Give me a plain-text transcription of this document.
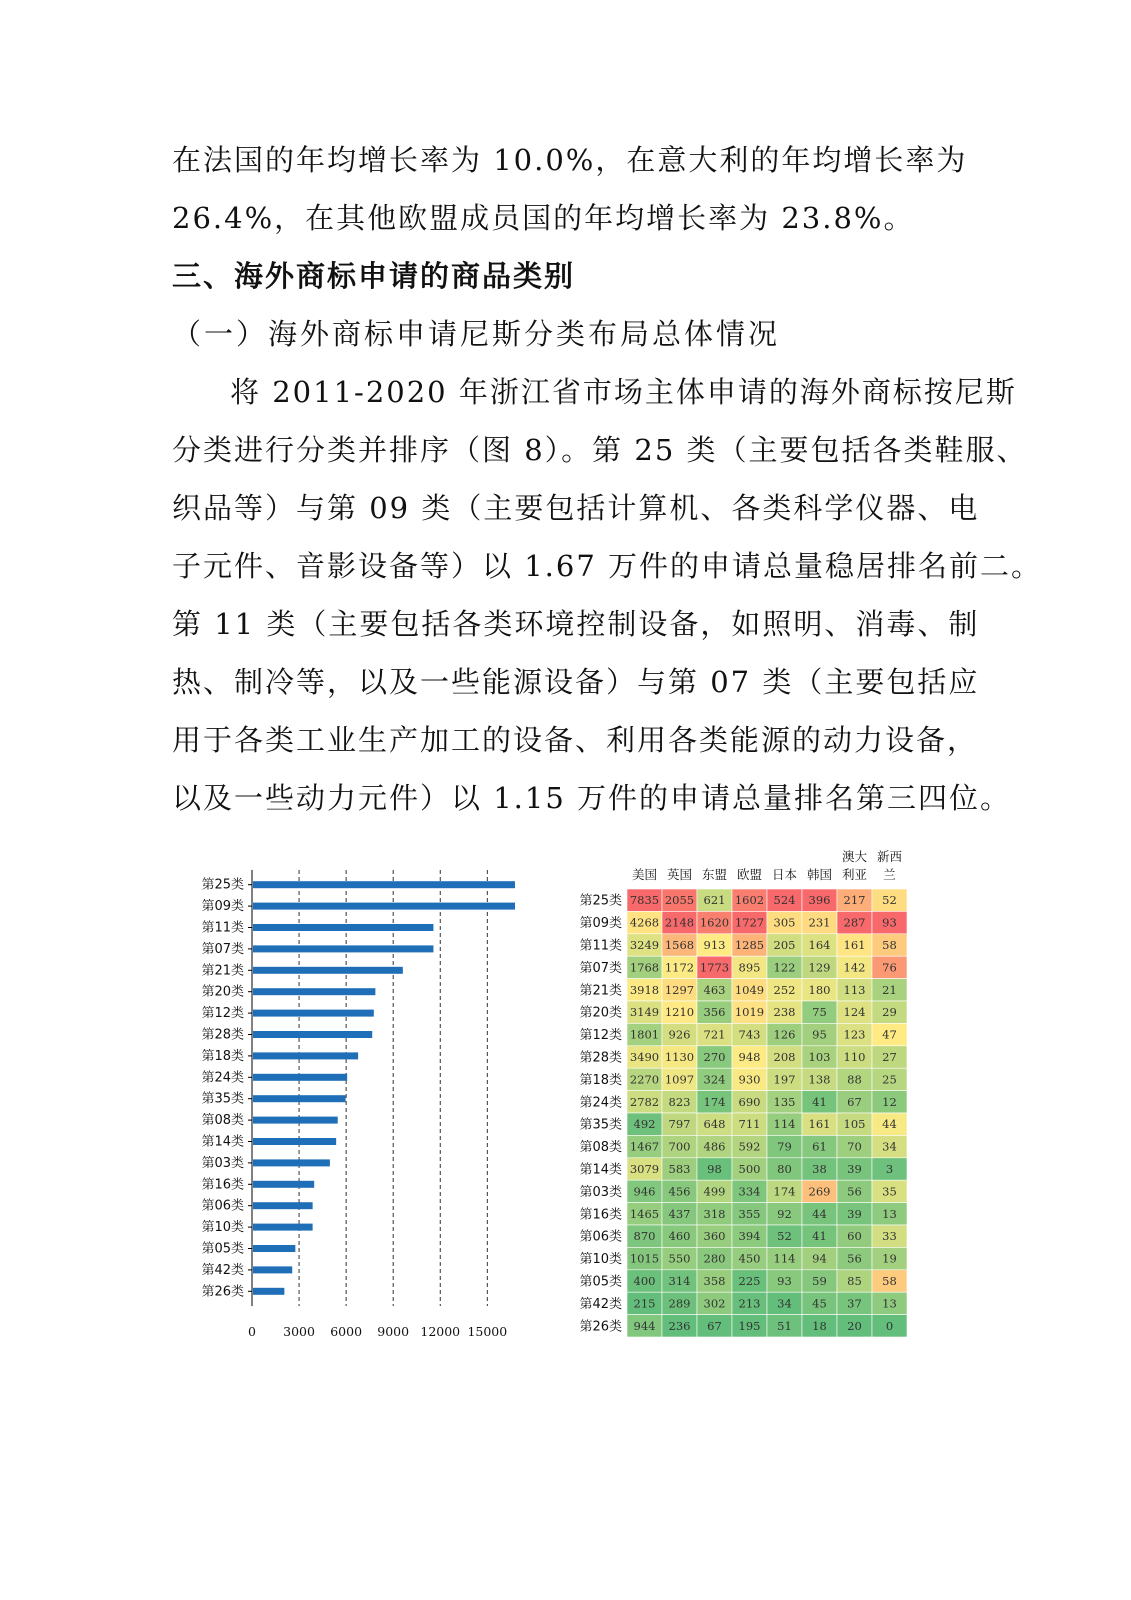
在法国的年均增长率为 10.0%，在意大利的年均增长率为
26.4%，在其他欧盟成员国的年均增长率为 23.8%。
三、海外商标申请的商品类别
（一）海外商标申请尼斯分类布局总体情况
将 2011-2020 年浙江省市场主体申请的海外商标按尼斯
分类进行分类并排序（图 8）。第 25 类（主要包括各类鞋服、
织品等）与第 09 类（主要包括计算机、各类科学仪器、电
子元件、音影设备等）以 1.67 万件的申请总量稳居排名前二。
第 11 类（主要包括各类环境控制设备，如照明、消毒、制
热、制冷等，以及一些能源设备）与第 07 类（主要包括应
用于各类工业生产加工的设备、利用各类能源的动力设备，
以及一些动力元件）以 1.15 万件的申请总量排名第三四位。
第25类
第09类
第11类
第07类
第21类
第20类
第12类
第28类
第18类
第24类
第35类
第08类
第14类
第03类
第16类
第06类
第10类
第05类
第42类
第26类
0 3000 6000 9000 12000 15000
美国 英国 东盟 欧盟 日本 韩国
澳大
利亚
新西
兰
第25类 7835 2055 621 1602 524 396 217 52
第09类 4268 2148 1620 1727 305 231 287 93
第11类 3249 1568 913 1285 205 164 161 58
第07类 1768 1172 1773 895 122 129 142 76
第21类 3918 1297 463 1049 252 180 113 21
第20类 3149 1210 356 1019 238 75 124 29
第12类 1801 926 721 743 126 95 123 47
第28类 3490 1130 270 948 208 103 110 27
第18类 2270 1097 324 930 197 138 88 25
第24类 2782 823 174 690 135 41 67 12
第35类 492 797 648 711 114 161 105 44
第08类 1467 700 486 592 79 61 70 34
第14类 3079 583 98 500 80 38 39 3
第03类 946 456 499 334 174 269 56 35
第16类 1465 437 318 355 92 44 39 13
第06类 870 460 360 394 52 41 60 33
第10类 1015 550 280 450 114 94 56 19
第05类 400 314 358 225 93 59 85 58
第42类 215 289 302 213 34 45 37 13
第26类 944 236 67 195 51 18 20 0
